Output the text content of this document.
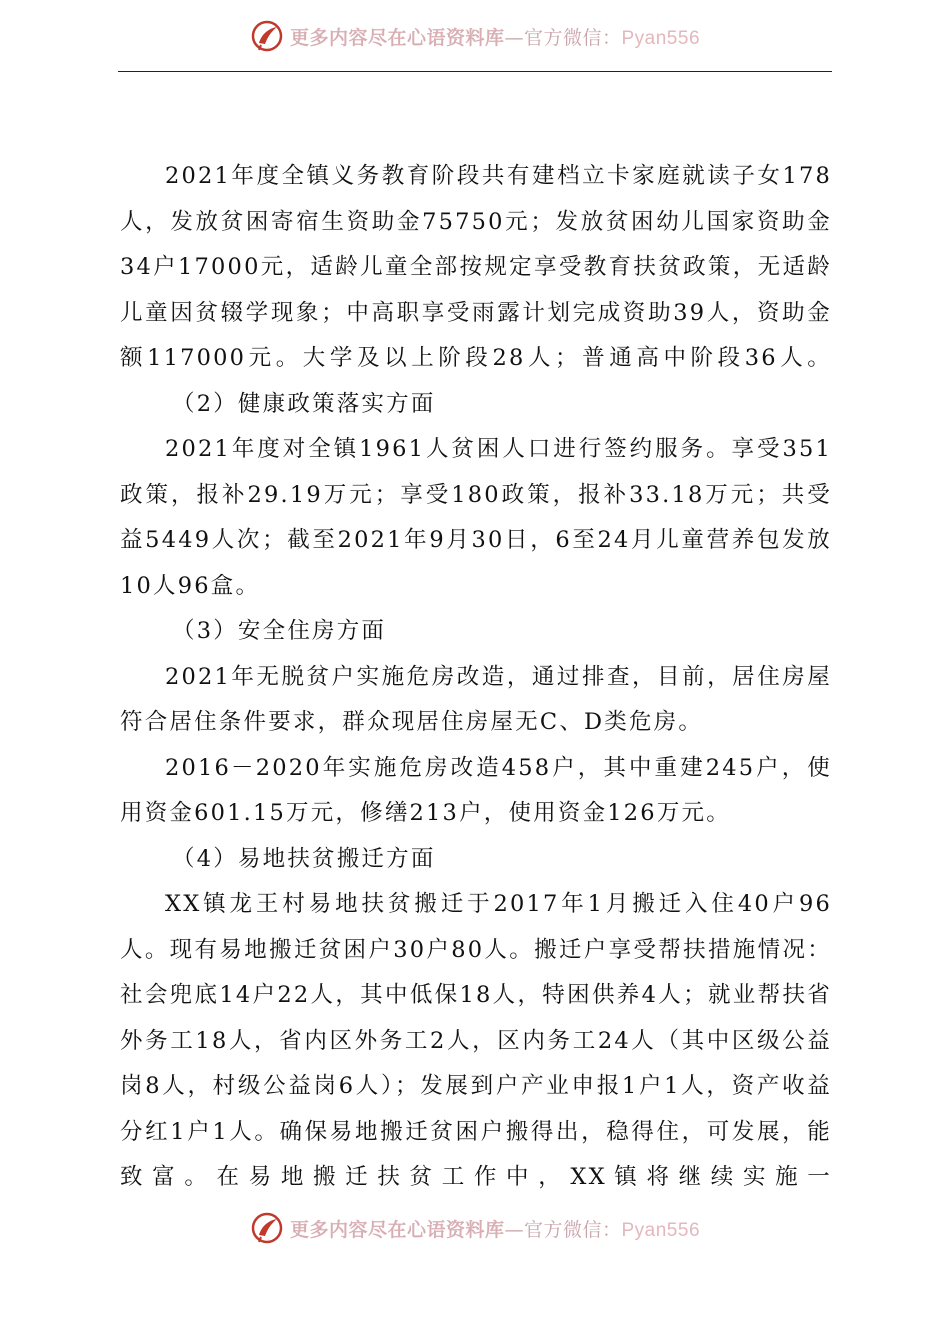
更多内容尽在心语资料库—官方微信：Pyan556

2021年度全镇义务教育阶段共有建档立卡家庭就读子女178人，发放贫困寄宿生资助金75750元；发放贫困幼儿国家资助金34户17000元，适龄儿童全部按规定享受教育扶贫政策，无适龄儿童因贫辍学现象；中高职享受雨露计划完成资助39人，资助金额117000元。大学及以上阶段28人；普通高中阶段36人。

（2）健康政策落实方面

2021年度对全镇1961人贫困人口进行签约服务。享受351政策，报补29.19万元；享受180政策，报补33.18万元；共受益5449人次；截至2021年9月30日，6至24月儿童营养包发放10人96盒。

（3）安全住房方面

2021年无脱贫户实施危房改造，通过排查，目前，居住房屋符合居住条件要求，群众现居住房屋无C、D类危房。

2016－2020年实施危房改造458户，其中重建245户，使用资金601.15万元，修缮213户，使用资金126万元。

（4）易地扶贫搬迁方面

XX镇龙王村易地扶贫搬迁于2017年1月搬迁入住40户96人。现有易地搬迁贫困户30户80人。搬迁户享受帮扶措施情况：社会兜底14户22人，其中低保18人，特困供养4人；就业帮扶省外务工18人，省内区外务工2人，区内务工24人（其中区级公益岗8人，村级公益岗6人）；发展到户产业申报1户1人，资产收益分红1户1人。确保易地搬迁贫困户搬得出，稳得住，可发展，能致富。在易地搬迁扶贫工作中，XX镇将继续实施一

更多内容尽在心语资料库—官方微信：Pyan556
